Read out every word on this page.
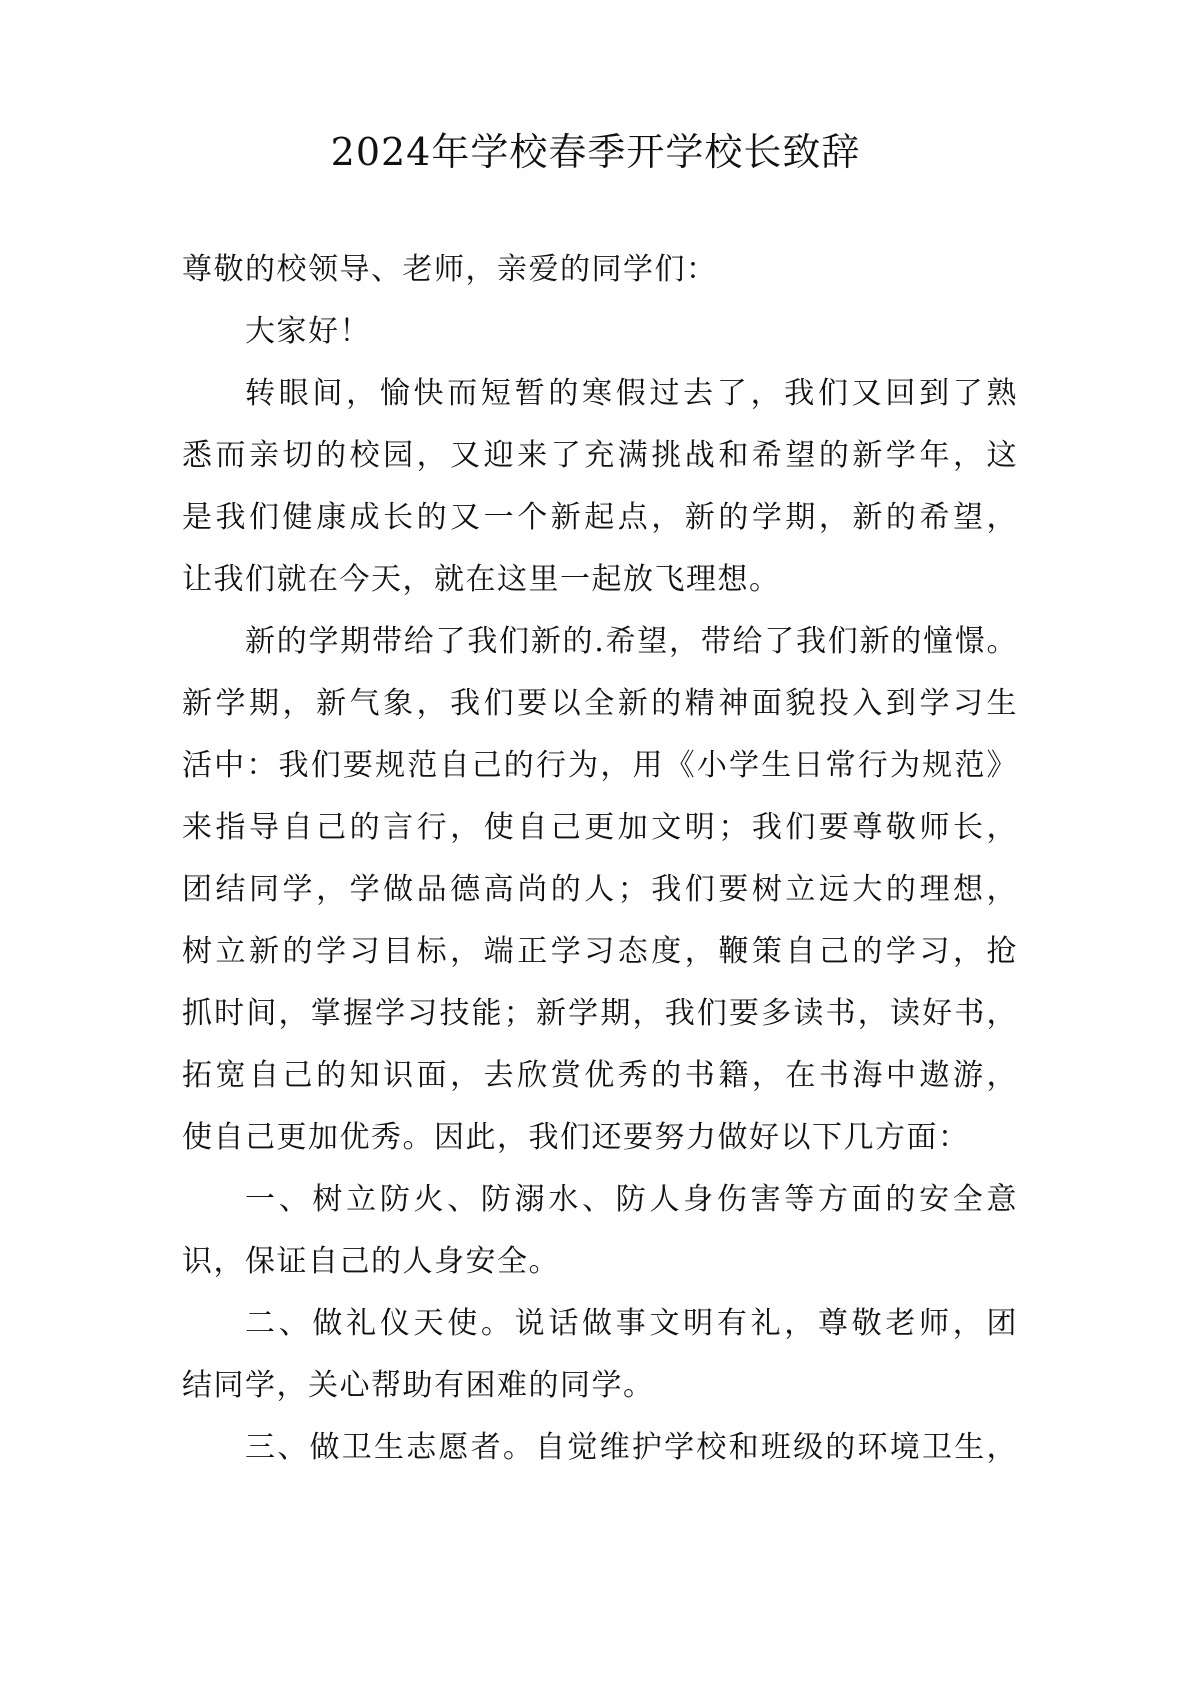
2024年学校春季开学校长致辞
尊敬的校领导、老师，亲爱的同学们：
大家好！
转眼间，愉快而短暂的寒假过去了，我们又回到了熟
悉而亲切的校园，又迎来了充满挑战和希望的新学年，这
是我们健康成长的又一个新起点，新的学期，新的希望，
让我们就在今天，就在这里一起放飞理想。
新的学期带给了我们新的.希望，带给了我们新的憧憬。
新学期，新气象，我们要以全新的精神面貌投入到学习生
活中：我们要规范自己的行为，用《小学生日常行为规范》
来指导自己的言行，使自己更加文明；我们要尊敬师长，
团结同学，学做品德高尚的人；我们要树立远大的理想，
树立新的学习目标，端正学习态度，鞭策自己的学习，抢
抓时间，掌握学习技能；新学期，我们要多读书，读好书，
拓宽自己的知识面，去欣赏优秀的书籍，在书海中遨游，
使自己更加优秀。因此，我们还要努力做好以下几方面：
一、树立防火、防溺水、防人身伤害等方面的安全意
识，保证自己的人身安全。
二、做礼仪天使。说话做事文明有礼，尊敬老师，团
结同学，关心帮助有困难的同学。
三、做卫生志愿者。自觉维护学校和班级的环境卫生，
